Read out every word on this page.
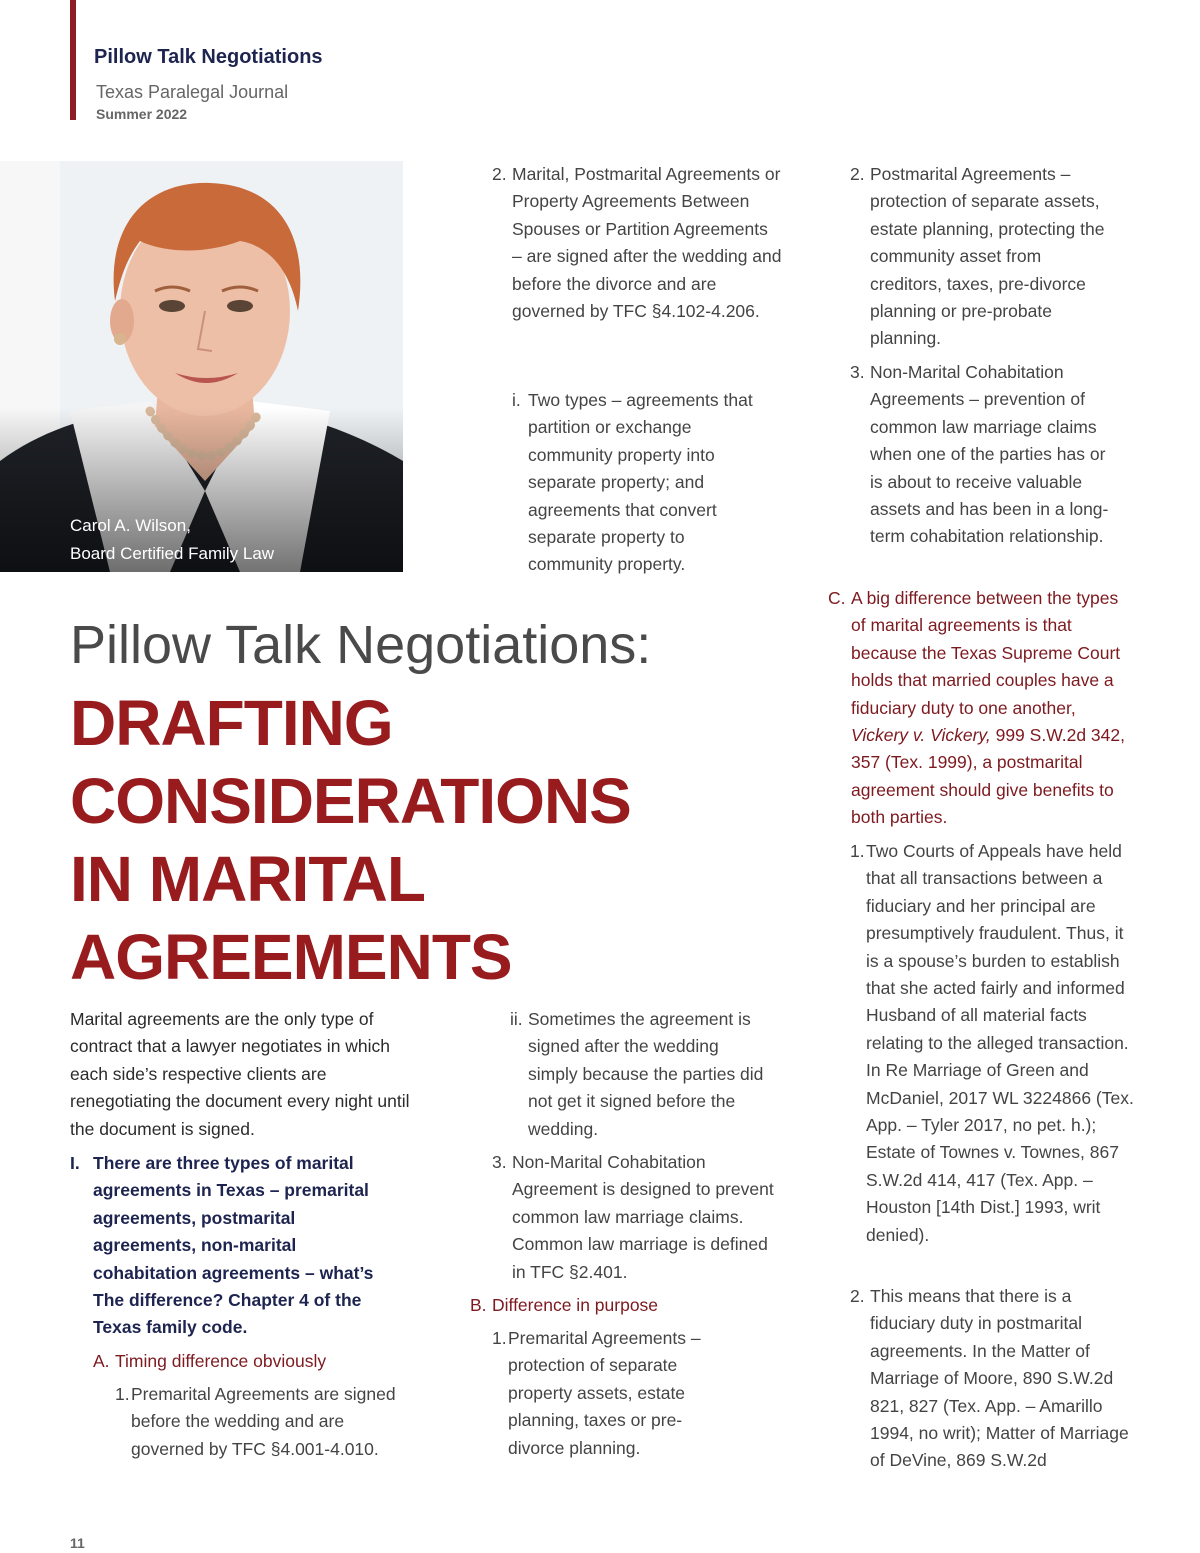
Pillow Talk Negotiations
Texas Paralegal Journal
Summer 2022
Carol A. Wilson,
Board Certified Family Law
Pillow Talk Negotiations:
DRAFTING
CONSIDERATIONS
IN MARITAL
AGREEMENTS
Marital agreements are the only type of contract that a lawyer negotiates in which each side’s respective clients are renegotiating the document every night until the document is signed.
I. There are three types of marital agreements in Texas – premarital agreements, postmarital agreements, non-marital cohabitation agreements – what’s The difference? Chapter 4 of the Texas family code.
A. Timing difference obviously
1. Premarital Agreements are signed before the wedding and are governed by TFC §4.001-4.010.
2. Marital, Postmarital Agreements or Property Agreements Between Spouses or Partition Agreements – are signed after the wedding and before the divorce and are governed by TFC §4.102-4.206.
i. Two types – agreements that partition or exchange community property into separate property; and agreements that convert separate property to community property.
ii. Sometimes the agreement is signed after the wedding simply because the parties did not get it signed before the wedding.
3. Non-Marital Cohabitation Agreement is designed to prevent common law marriage claims. Common law marriage is defined in TFC §2.401.
B. Difference in purpose
1. Premarital Agreements – protection of separate property assets, estate planning, taxes or pre-divorce planning.
2. Postmarital Agreements – protection of separate assets, estate planning, protecting the community asset from creditors, taxes, pre-divorce planning or pre-probate planning.
3. Non-Marital Cohabitation Agreements – prevention of common law marriage claims when one of the parties has or is about to receive valuable assets and has been in a long-term cohabitation relationship.
C. A big difference between the types of marital agreements is that because the Texas Supreme Court holds that married couples have a fiduciary duty to one another, Vickery v. Vickery, 999 S.W.2d 342, 357 (Tex. 1999), a postmarital agreement should give benefits to both parties.
1. Two Courts of Appeals have held that all transactions between a fiduciary and her principal are presumptively fraudulent. Thus, it is a spouse’s burden to establish that she acted fairly and informed Husband of all material facts relating to the alleged transaction. In Re Marriage of Green and McDaniel, 2017 WL 3224866 (Tex. App. – Tyler 2017, no pet. h.); Estate of Townes v. Townes, 867 S.W.2d 414, 417 (Tex. App. – Houston [14th Dist.] 1993, writ denied).
2. This means that there is a fiduciary duty in postmarital agreements. In the Matter of Marriage of Moore, 890 S.W.2d 821, 827 (Tex. App. – Amarillo 1994, no writ); Matter of Marriage of DeVine, 869 S.W.2d
11
